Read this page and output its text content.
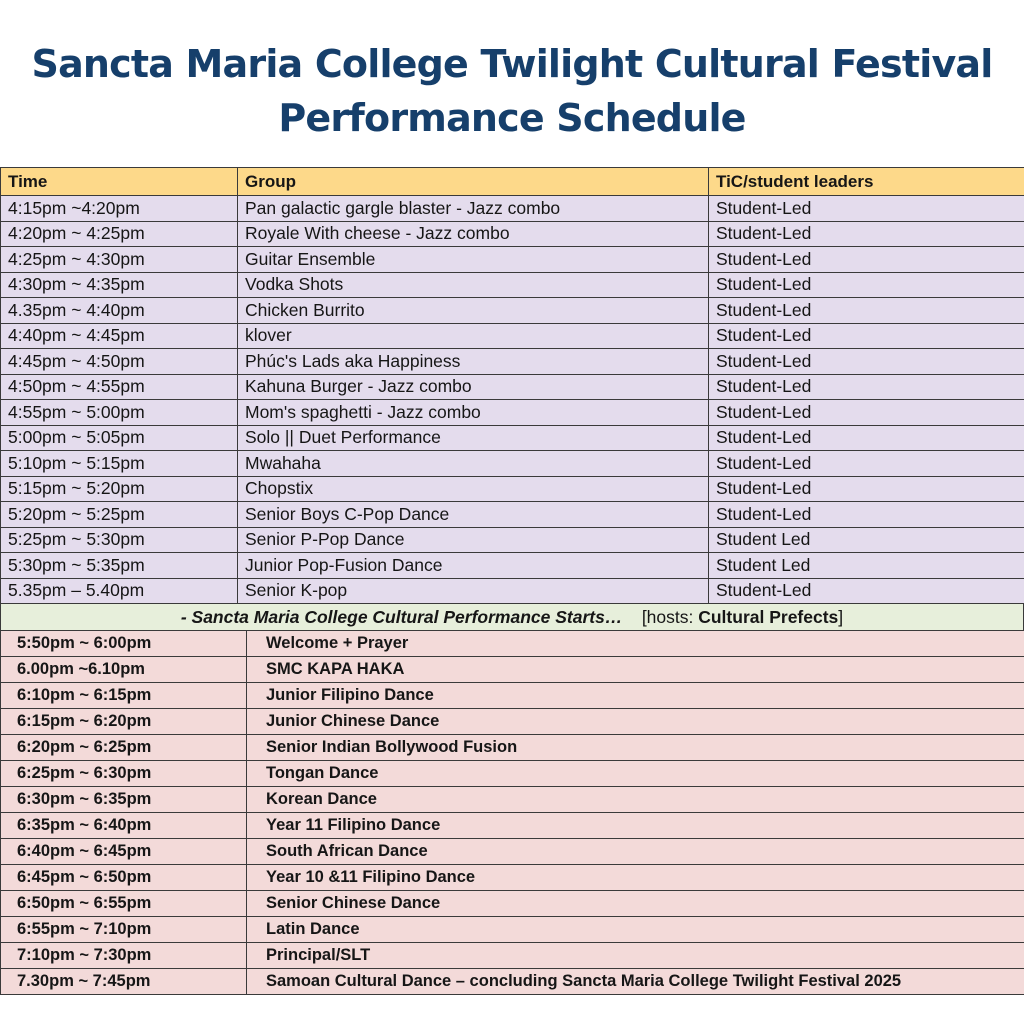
Sancta Maria College Twilight Cultural Festival
Performance Schedule
Time	Group	TiC/student leaders
4:15pm ~4:20pm	Pan galactic gargle blaster - Jazz combo	Student-Led
4:20pm ~ 4:25pm	Royale With cheese - Jazz combo	Student-Led
4:25pm ~ 4:30pm	Guitar Ensemble	Student-Led
4:30pm ~ 4:35pm	Vodka Shots	Student-Led
4.35pm ~ 4:40pm	Chicken Burrito	Student-Led
4:40pm ~ 4:45pm	klover	Student-Led
4:45pm ~ 4:50pm	Phúc's Lads aka Happiness	Student-Led
4:50pm ~ 4:55pm	Kahuna Burger - Jazz combo	Student-Led
4:55pm ~ 5:00pm	Mom's spaghetti - Jazz combo	Student-Led
5:00pm ~ 5:05pm	Solo || Duet Performance	Student-Led
5:10pm ~ 5:15pm	Mwahaha	Student-Led
5:15pm ~ 5:20pm	Chopstix	Student-Led
5:20pm ~ 5:25pm	Senior Boys C-Pop Dance	Student-Led
5:25pm ~ 5:30pm	Senior P-Pop Dance	Student Led
5:30pm ~ 5:35pm	Junior Pop-Fusion Dance	Student Led
5.35pm – 5.40pm	Senior K-pop	Student-Led
- Sancta Maria College Cultural Performance Starts… [hosts: Cultural Prefects]
5:50pm ~ 6:00pm	Welcome + Prayer
6.00pm ~6.10pm	SMC KAPA HAKA
6:10pm ~ 6:15pm	Junior Filipino Dance
6:15pm ~ 6:20pm	Junior Chinese Dance
6:20pm ~ 6:25pm	Senior Indian Bollywood Fusion
6:25pm ~ 6:30pm	Tongan Dance
6:30pm ~ 6:35pm	Korean Dance
6:35pm ~ 6:40pm	Year 11 Filipino Dance
6:40pm ~ 6:45pm	South African Dance
6:45pm ~ 6:50pm	Year 10 &11 Filipino Dance
6:50pm ~ 6:55pm	Senior Chinese Dance
6:55pm ~ 7:10pm	Latin Dance
7:10pm ~ 7:30pm	Principal/SLT
7.30pm ~ 7:45pm	Samoan Cultural Dance – concluding Sancta Maria College Twilight Festival 2025
